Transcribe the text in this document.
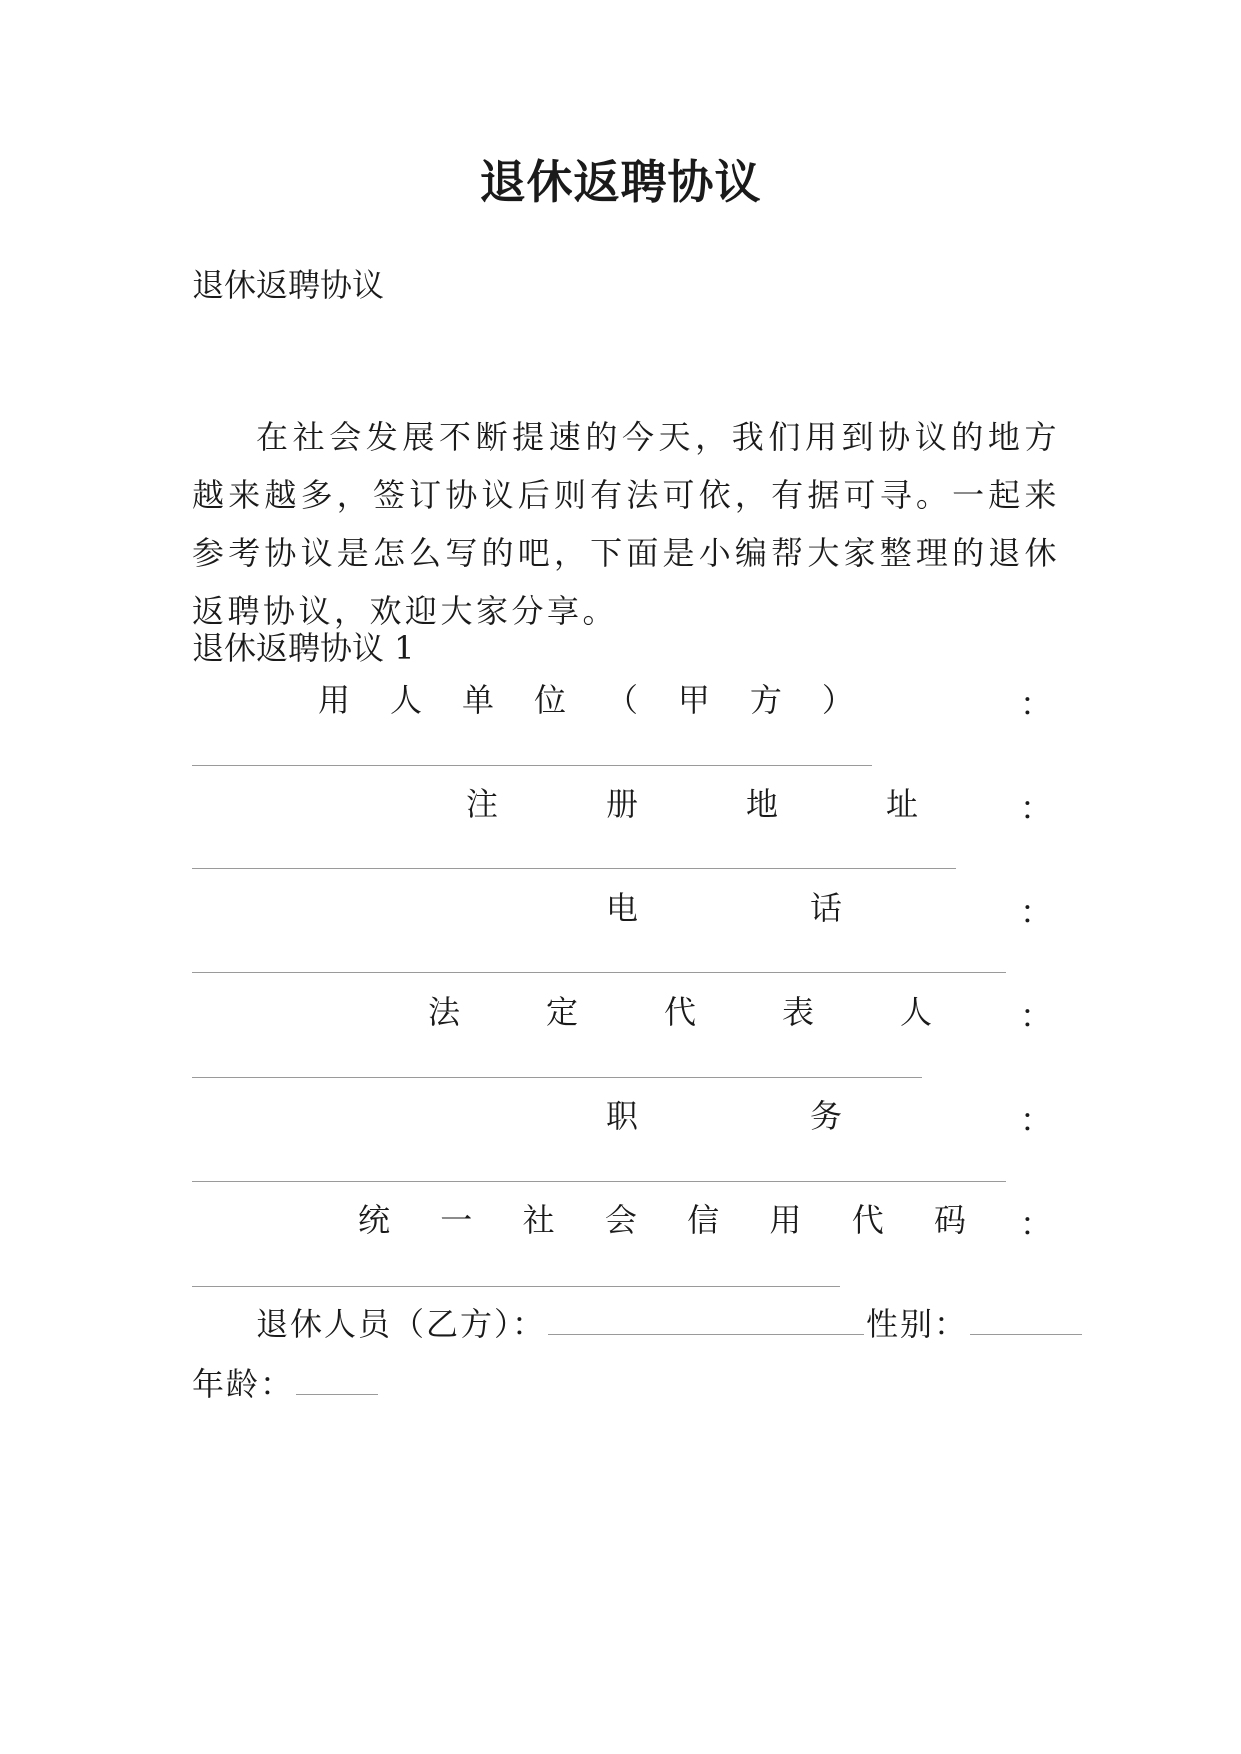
退休返聘协议
退休返聘协议
在社会发展不断提速的今天，我们用到协议的地方越来越多，签订协议后则有法可依，有据可寻。一起来参考协议是怎么写的吧，下面是小编帮大家整理的退休返聘协议，欢迎大家分享。
退休返聘协议 1
用 人 单 位 （ 甲 方 ）	：
注	册	地	址	：
电	话	：
法	定	代	表	人	：
职	务	：
统 一 社 会 信 用 代 码 ：
退休人员（乙方）：	性别：
年龄：
